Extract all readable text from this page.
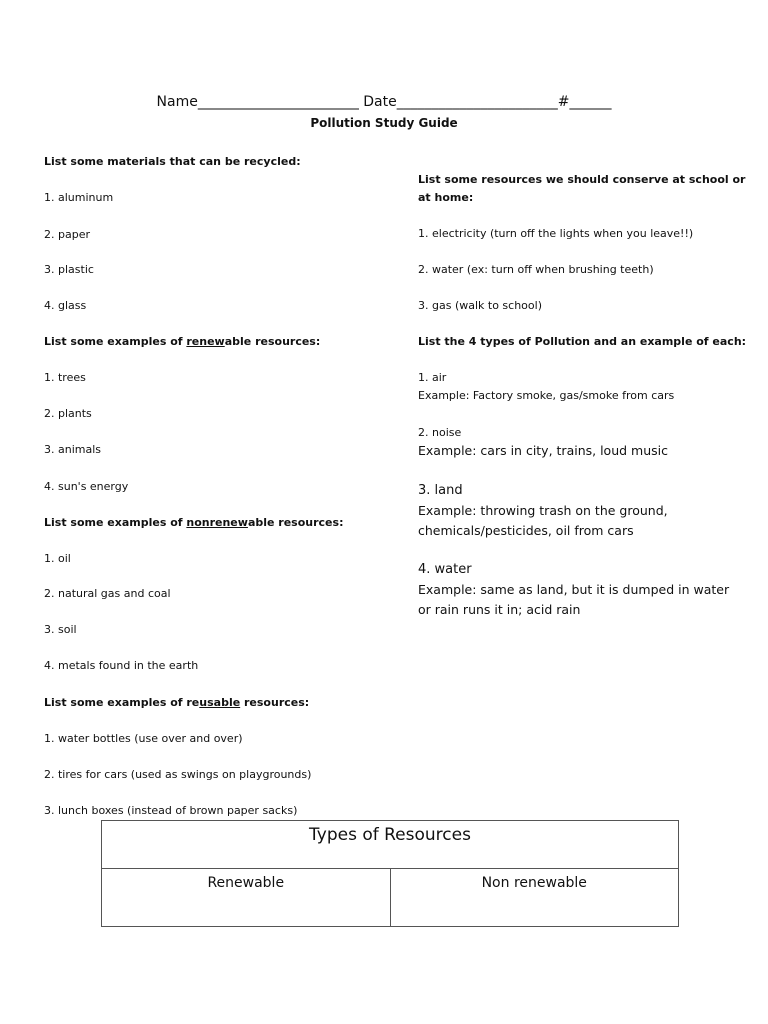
Name_______________________ Date_______________________#______
Pollution Study Guide
List some materials that can be recycled:
1. aluminum
2. paper
3. plastic
4. glass
List some examples of renewable resources:
1. trees
2. plants
3. animals
4. sun's energy
List some examples of nonrenewable resources:
1. oil
2. natural gas and coal
3. soil
4. metals found in the earth
List some examples of reusable resources:
1. water bottles (use over and over)
2. tires for cars (used as swings on playgrounds)
3. lunch boxes (instead of brown paper sacks)
List some resources we should conserve at school or at home:
1. electricity (turn off the lights when you leave!!)
2. water (ex: turn off when brushing teeth)
3. gas (walk to school)
List the 4 types of Pollution and an example of each:
1. air
Example: Factory smoke, gas/smoke from cars
2. noise
Example: cars in city, trains, loud music
3. land
Example: throwing trash on the ground, chemicals/pesticides, oil from cars
4. water
Example: same as land, but it is dumped in water or rain runs it in; acid rain
Types of Resources
Renewable	Non renewable
